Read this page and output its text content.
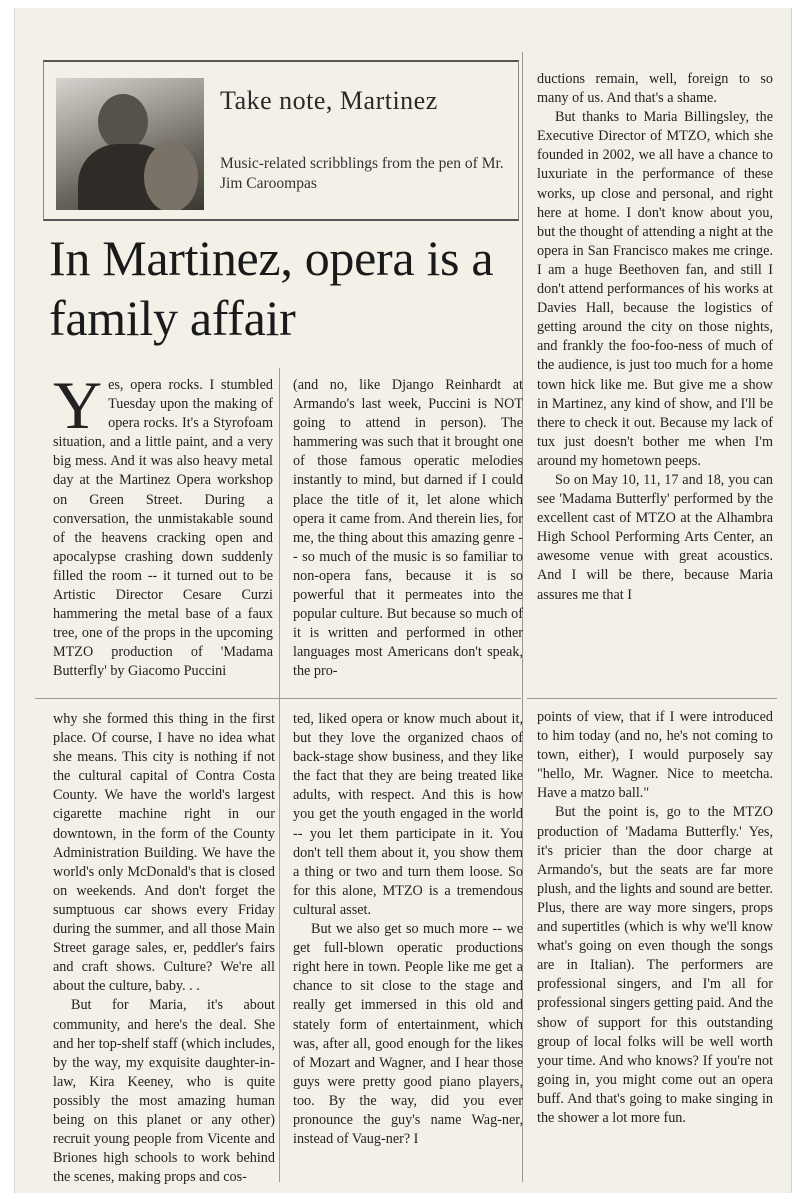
Take note, Martinez
Music-related scribblings from the pen of Mr. Jim Caroompas
In Martinez, opera is a family affair
Y es, opera rocks. I stumbled Tuesday upon the making of opera rocks. It's a Styrofoam situation, and a little paint, and a very big mess. And it was also heavy metal day at the Martinez Opera workshop on Green Street. During a conversation, the unmistakable sound of the heavens cracking open and apocalypse crashing down suddenly filled the room -- it turned out to be Artistic Director Cesare Curzi hammering the metal base of a faux tree, one of the props in the upcoming MTZO production of 'Madama Butterfly' by Giacomo Puccini

(and no, like Django Reinhardt at Armando's last week, Puccini is NOT going to attend in person). The hammering was such that it brought one of those famous operatic melodies instantly to mind, but darned if I could place the title of it, let alone which opera it came from. And therein lies, for me, the thing about this amazing genre -- so much of the music is so familiar to non-opera fans, because it is so powerful that it permeates into the popular culture. But because so much of it is written and performed in other languages most Americans don't speak, the pro-

ductions remain, well, foreign to so many of us. And that's a shame.

But thanks to Maria Billingsley, the Executive Director of MTZO, which she founded in 2002, we all have a chance to luxuriate in the performance of these works, up close and personal, and right here at home. I don't know about you, but the thought of attending a night at the opera in San Francisco makes me cringe. I am a huge Beethoven fan, and still I don't attend performances of his works at Davies Hall, because the logistics of getting around the city on those nights, and frankly the foo-foo-ness of much of the audience, is just too much for a home town hick like me. But give me a show in Martinez, any kind of show, and I'll be there to check it out. Because my lack of tux just doesn't bother me when I'm around my hometown peeps.

So on May 10, 11, 17 and 18, you can see 'Madama Butterfly' performed by the excellent cast of MTZO at the Alhambra High School Performing Arts Center, an awesome venue with great acoustics. And I will be there, because Maria assures me that I

why she formed this thing in the first place. Of course, I have no idea what she means. This city is nothing if not the cultural capital of Contra Costa County. We have the world's largest cigarette machine right in our downtown, in the form of the County Administration Building. We have the world's only McDonald's that is closed on weekends. And don't forget the sumptuous car shows every Friday during the summer, and all those Main Street garage sales, er, peddler's fairs and craft shows. Culture? We're all about the culture, baby. . .

But for Maria, it's about community, and here's the deal. She and her top-shelf staff (which includes, by the way, my exquisite daughter-in-law, Kira Keeney, who is quite possibly the most amazing human being on this planet or any other) recruit young people from Vicente and Briones high schools to work behind the scenes, making props and cos-

ted, liked opera or know much about it, but they love the organized chaos of back-stage show business, and they like the fact that they are being treated like adults, with respect. And this is how you get the youth engaged in the world -- you let them participate in it. You don't tell them about it, you show them a thing or two and turn them loose. So for this alone, MTZO is a tremendous cultural asset.

But we also get so much more -- we get full-blown operatic productions right here in town. People like me get a chance to sit close to the stage and really get immersed in this old and stately form of entertainment, which was, after all, good enough for the likes of Mozart and Wagner, and I hear those guys were pretty good piano players, too. By the way, did you ever pronounce the guy's name Wag-ner, instead of Vaug-ner? I

points of view, that if I were introduced to him today (and no, he's not coming to town, either), I would purposely say "hello, Mr. Wagner. Nice to meetcha. Have a matzo ball."

But the point is, go to the MTZO production of 'Madama Butterfly.' Yes, it's pricier than the door charge at Armando's, but the seats are far more plush, and the lights and sound are better. Plus, there are way more singers, props and supertitles (which is why we'll know what's going on even though the songs are in Italian). The performers are professional singers, and I'm all for professional singers getting paid. And the show of support for this outstanding group of local folks will be well worth your time. And who knows? If you're not going in, you might come out an opera buff. And that's going to make singing in the shower a lot more fun.
